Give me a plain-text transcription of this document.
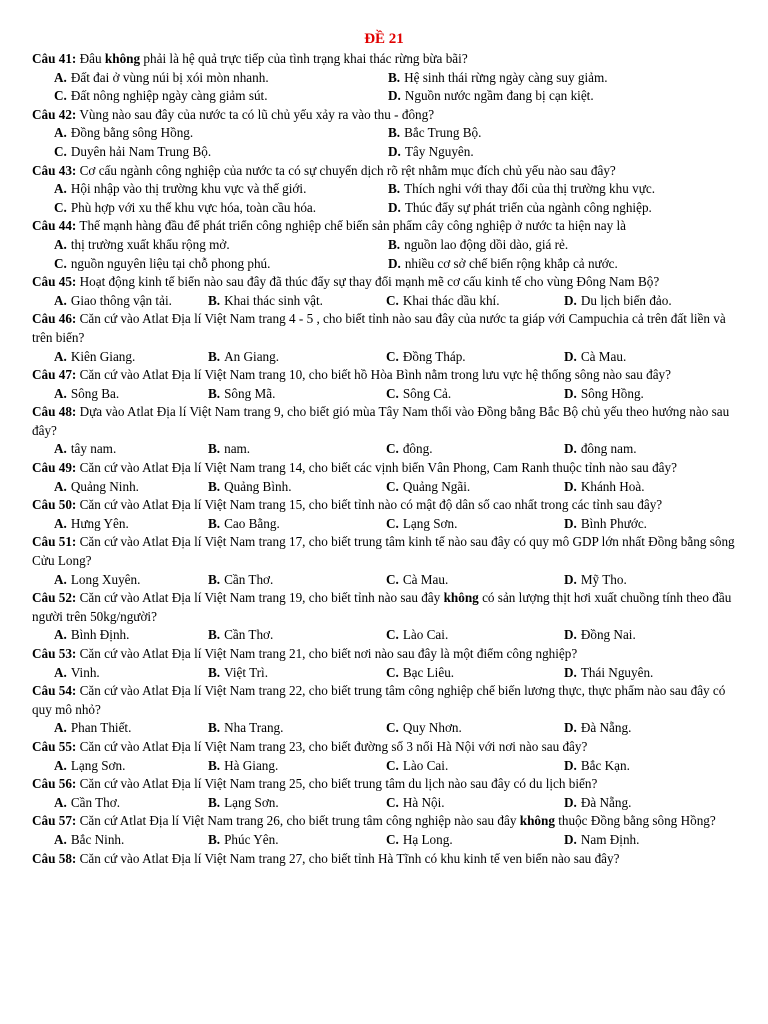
ĐỀ 21
Câu 41: Đâu không phải là hệ quả trực tiếp của tình trạng khai thác rừng bừa bãi?
A. Đất đai ở vùng núi bị xói mòn nhanh.	B. Hệ sinh thái rừng ngày càng suy giảm.
C. Đất nông nghiệp ngày càng giảm sút.	D. Nguồn nước ngầm đang bị cạn kiệt.
Câu 42: Vùng nào sau đây của nước ta có lũ chủ yếu xảy ra vào thu - đông?
A. Đồng bằng sông Hồng.	B. Bắc Trung Bộ.
C. Duyên hải Nam Trung Bộ.	D. Tây Nguyên.
Câu 43: Cơ cấu ngành công nghiệp của nước ta có sự chuyển dịch rõ rệt nhằm mục đích chủ yếu nào sau đây?
A. Hội nhập vào thị trường khu vực và thế giới.	B. Thích nghi với thay đổi của thị trường khu vực.
C. Phù hợp với xu thế khu vực hóa, toàn cầu hóa.	D. Thúc đẩy sự phát triển của ngành công nghiệp.
Câu 44: Thế mạnh hàng đầu để phát triển công nghiệp chế biến sản phẩm cây công nghiệp ở nước ta hiện nay là
A. thị trường xuất khẩu rộng mở.	B. nguồn lao động dồi dào, giá rẻ.
C. nguồn nguyên liệu tại chỗ phong phú.	D. nhiều cơ sở chế biến rộng khắp cả nước.
Câu 45: Hoạt động kinh tế biển nào sau đây đã thúc đẩy sự thay đổi mạnh mẽ cơ cấu kinh tế cho vùng Đông Nam Bộ?
A. Giao thông vận tải.	B. Khai thác sinh vật.	C. Khai thác dầu khí.	D. Du lịch biển đảo.
Câu 46: Căn cứ vào Atlat Địa lí Việt Nam trang 4 - 5 , cho biết tỉnh nào sau đây của nước ta giáp với Campuchia cả trên đất liền và trên biển?
A. Kiên Giang.	B. An Giang.	C. Đồng Tháp.	D. Cà Mau.
Câu 47: Căn cứ vào Atlat Địa lí Việt Nam trang 10, cho biết hồ Hòa Bình nằm trong lưu vực hệ thống sông nào sau đây?
A. Sông Ba.	B. Sông Mã.	C. Sông Cả.	D. Sông Hồng.
Câu 48: Dựa vào Atlat Địa lí Việt Nam trang 9, cho biết gió mùa Tây Nam thổi vào Đồng bằng Bắc Bộ chủ yếu theo hướng nào sau đây?
A. tây nam.	B. nam.	C. đông.	D. đông nam.
Câu 49: Căn cứ vào Atlat Địa lí Việt Nam trang 14, cho biết các vịnh biển Vân Phong, Cam Ranh thuộc tỉnh nào sau đây?
A. Quảng Ninh.	B. Quảng Bình.	C. Quảng Ngãi.	D. Khánh Hoà.
Câu 50: Căn cứ vào Atlat Địa lí Việt Nam trang 15, cho biết tỉnh nào có mật độ dân số cao nhất trong các tỉnh sau đây?
A. Hưng Yên.	B. Cao Bằng.	C. Lạng Sơn.	D. Bình Phước.
Câu 51: Căn cứ vào Atlat Địa lí Việt Nam trang 17, cho biết trung tâm kinh tế nào sau đây có quy mô GDP lớn nhất Đồng bằng sông Cửu Long?
A. Long Xuyên.	B. Cần Thơ.	C. Cà Mau.	D. Mỹ Tho.
Câu 52: Căn cứ vào Atlat Địa lí Việt Nam trang 19, cho biết tỉnh nào sau đây không có sản lượng thịt hơi xuất chuồng tính theo đầu người trên 50kg/người?
A. Bình Định.	B. Cần Thơ.	C. Lào Cai.	D. Đồng Nai.
Câu 53: Căn cứ vào Atlat Địa lí Việt Nam trang 21, cho biết nơi nào sau đây là một điểm công nghiệp?
A. Vinh.	B. Việt Trì.	C. Bạc Liêu.	D. Thái Nguyên.
Câu 54: Căn cứ vào Atlat Địa lí Việt Nam trang 22, cho biết trung tâm công nghiệp chế biến lương thực, thực phẩm nào sau đây có quy mô nhỏ?
A. Phan Thiết.	B. Nha Trang.	C. Quy Nhơn.	D. Đà Nẵng.
Câu 55: Căn cứ vào Atlat Địa lí Việt Nam trang 23, cho biết đường số 3 nối Hà Nội với nơi nào sau đây?
A. Lạng Sơn.	B. Hà Giang.	C. Lào Cai.	D. Bắc Kạn.
Câu 56: Căn cứ vào Atlat Địa lí Việt Nam trang 25, cho biết trung tâm du lịch nào sau đây có du lịch biển?
A. Cần Thơ.	B. Lạng Sơn.	C. Hà Nội.	D. Đà Nẵng.
Câu 57: Căn cứ Atlat Địa lí Việt Nam trang 26, cho biết trung tâm công nghiệp nào sau đây không thuộc Đồng bằng sông Hồng?
A. Bắc Ninh.	B. Phúc Yên.	C. Hạ Long.	D. Nam Định.
Câu 58: Căn cứ vào Atlat Địa lí Việt Nam trang 27, cho biết tỉnh Hà Tĩnh có khu kinh tế ven biển nào sau đây?
